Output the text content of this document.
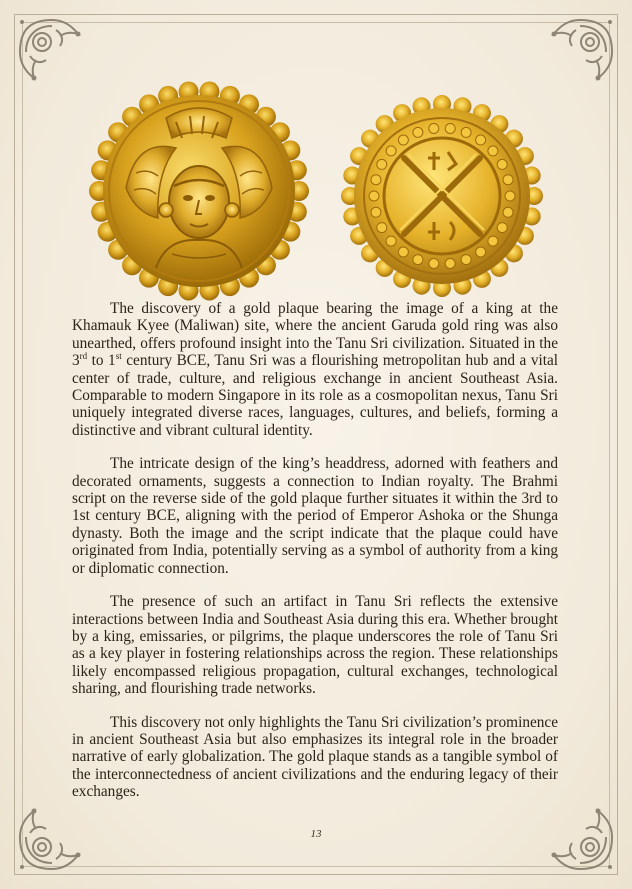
The discovery of a gold plaque bearing the image of a king at the Khamauk Kyee (Maliwan) site, where the ancient Garuda gold ring was also unearthed, offers profound insight into the Tanu Sri civilization. Situated in the 3rd to 1st century BCE, Tanu Sri was a flourishing metropolitan hub and a vital center of trade, culture, and religious exchange in ancient Southeast Asia. Comparable to modern Singapore in its role as a cosmopolitan nexus, Tanu Sri uniquely integrated diverse races, languages, cultures, and beliefs, forming a distinctive and vibrant cultural identity.

The intricate design of the king’s headdress, adorned with feathers and decorated ornaments, suggests a connection to Indian royalty. The Brahmi script on the reverse side of the gold plaque further situates it within the 3rd to 1st century BCE, aligning with the period of Emperor Ashoka or the Shunga dynasty. Both the image and the script indicate that the plaque could have originated from India, potentially serving as a symbol of authority from a king or diplomatic connection.

The presence of such an artifact in Tanu Sri reflects the extensive interactions between India and Southeast Asia during this era. Whether brought by a king, emissaries, or pilgrims, the plaque underscores the role of Tanu Sri as a key player in fostering relationships across the region. These relationships likely encompassed religious propagation, cultural exchanges, technological sharing, and flourishing trade networks.

This discovery not only highlights the Tanu Sri civilization’s prominence in ancient Southeast Asia but also emphasizes its integral role in the broader narrative of early globalization. The gold plaque stands as a tangible symbol of the interconnectedness of ancient civilizations and the enduring legacy of their exchanges.

13
